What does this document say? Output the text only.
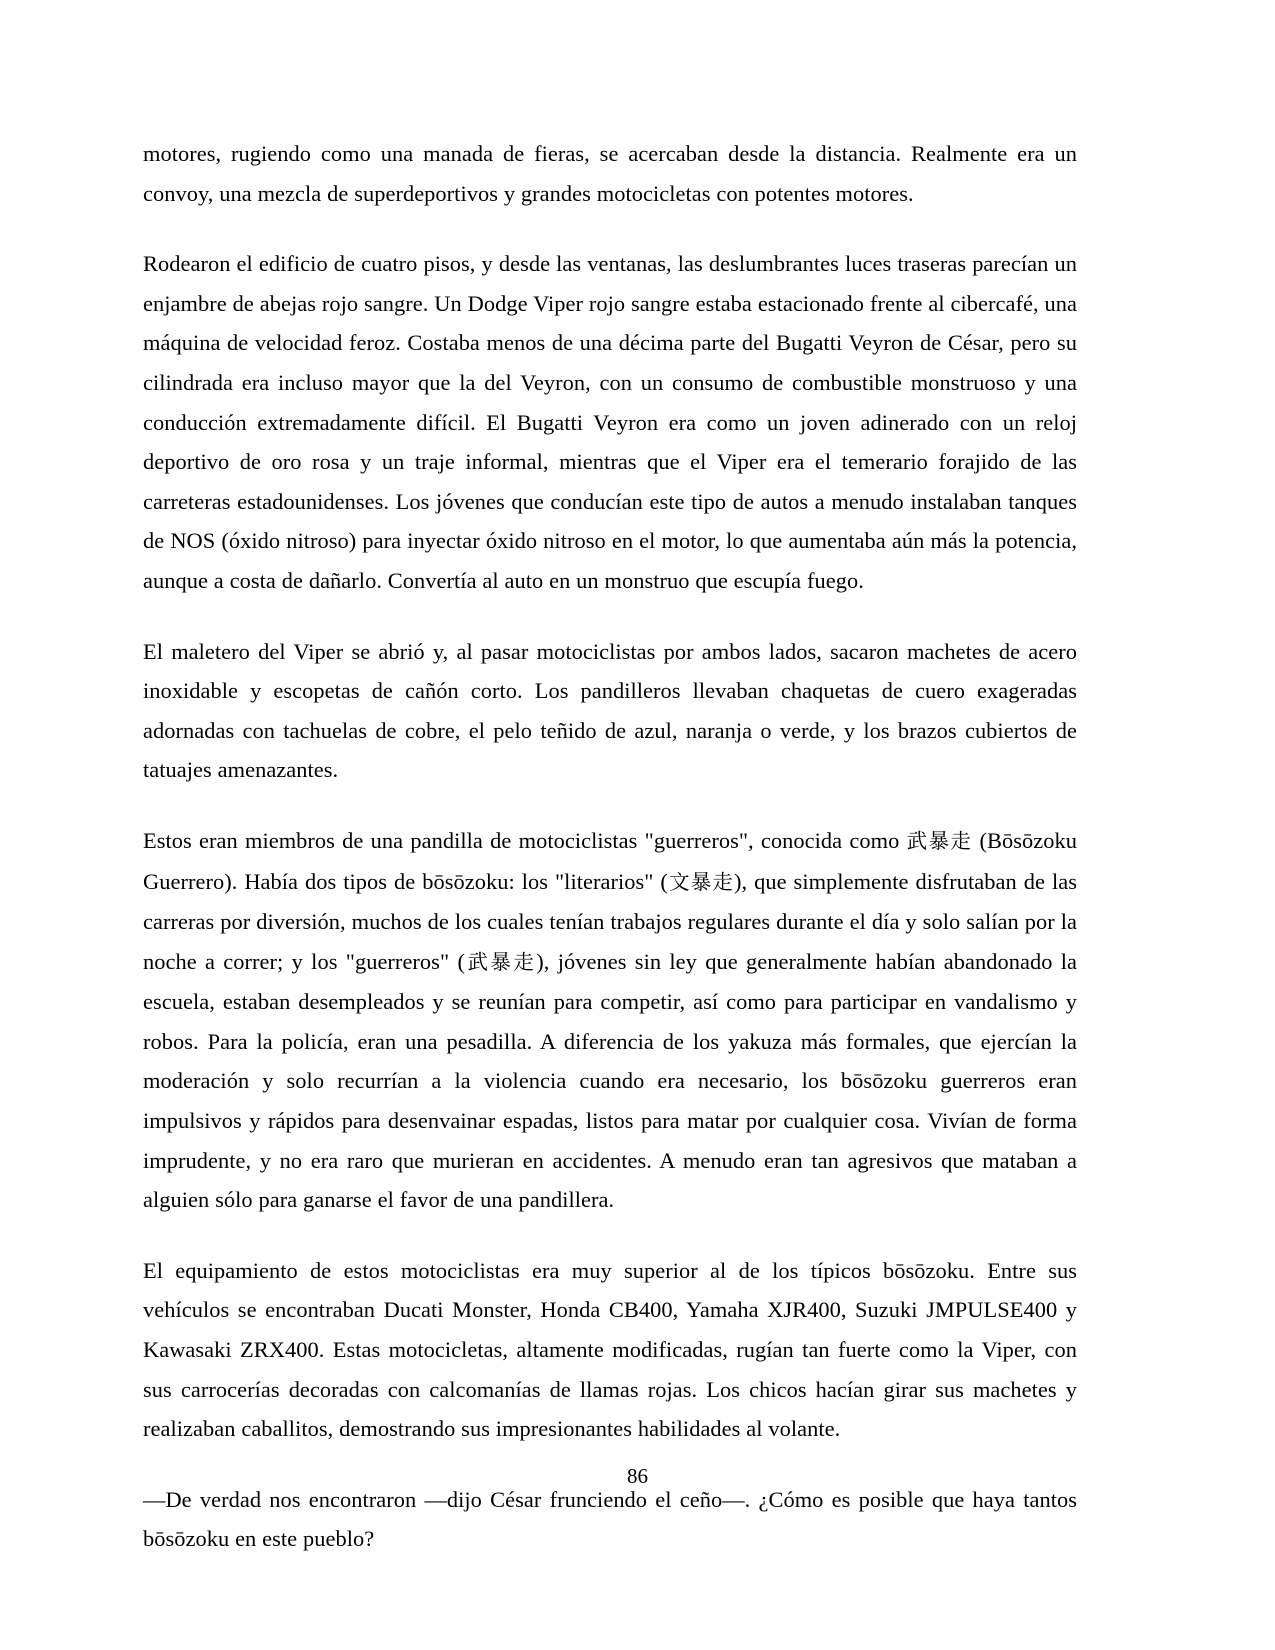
motores, rugiendo como una manada de fieras, se acercaban desde la distancia. Realmente era un convoy, una mezcla de superdeportivos y grandes motocicletas con potentes motores.

Rodearon el edificio de cuatro pisos, y desde las ventanas, las deslumbrantes luces traseras parecían un enjambre de abejas rojo sangre. Un Dodge Viper rojo sangre estaba estacionado frente al cibercafé, una máquina de velocidad feroz. Costaba menos de una décima parte del Bugatti Veyron de César, pero su cilindrada era incluso mayor que la del Veyron, con un consumo de combustible monstruoso y una conducción extremadamente difícil. El Bugatti Veyron era como un joven adinerado con un reloj deportivo de oro rosa y un traje informal, mientras que el Viper era el temerario forajido de las carreteras estadounidenses. Los jóvenes que conducían este tipo de autos a menudo instalaban tanques de NOS (óxido nitroso) para inyectar óxido nitroso en el motor, lo que aumentaba aún más la potencia, aunque a costa de dañarlo. Convertía al auto en un monstruo que escupía fuego.

El maletero del Viper se abrió y, al pasar motociclistas por ambos lados, sacaron machetes de acero inoxidable y escopetas de cañón corto. Los pandilleros llevaban chaquetas de cuero exageradas adornadas con tachuelas de cobre, el pelo teñido de azul, naranja o verde, y los brazos cubiertos de tatuajes amenazantes.

Estos eran miembros de una pandilla de motociclistas "guerreros", conocida como 武暴走 (Bōsōzoku Guerrero). Había dos tipos de bōsōzoku: los "literarios" (文暴走), que simplemente disfrutaban de las carreras por diversión, muchos de los cuales tenían trabajos regulares durante el día y solo salían por la noche a correr; y los "guerreros" (武暴走), jóvenes sin ley que generalmente habían abandonado la escuela, estaban desempleados y se reunían para competir, así como para participar en vandalismo y robos. Para la policía, eran una pesadilla. A diferencia de los yakuza más formales, que ejercían la moderación y solo recurrían a la violencia cuando era necesario, los bōsōzoku guerreros eran impulsivos y rápidos para desenvainar espadas, listos para matar por cualquier cosa. Vivían de forma imprudente, y no era raro que murieran en accidentes. A menudo eran tan agresivos que mataban a alguien sólo para ganarse el favor de una pandillera.

El equipamiento de estos motociclistas era muy superior al de los típicos bōsōzoku. Entre sus vehículos se encontraban Ducati Monster, Honda CB400, Yamaha XJR400, Suzuki JMPULSE400 y Kawasaki ZRX400. Estas motocicletas, altamente modificadas, rugían tan fuerte como la Viper, con sus carrocerías decoradas con calcomanías de llamas rojas. Los chicos hacían girar sus machetes y realizaban caballitos, demostrando sus impresionantes habilidades al volante.

—De verdad nos encontraron —dijo César frunciendo el ceño—. ¿Cómo es posible que haya tantos bōsōzoku en este pueblo?

86
